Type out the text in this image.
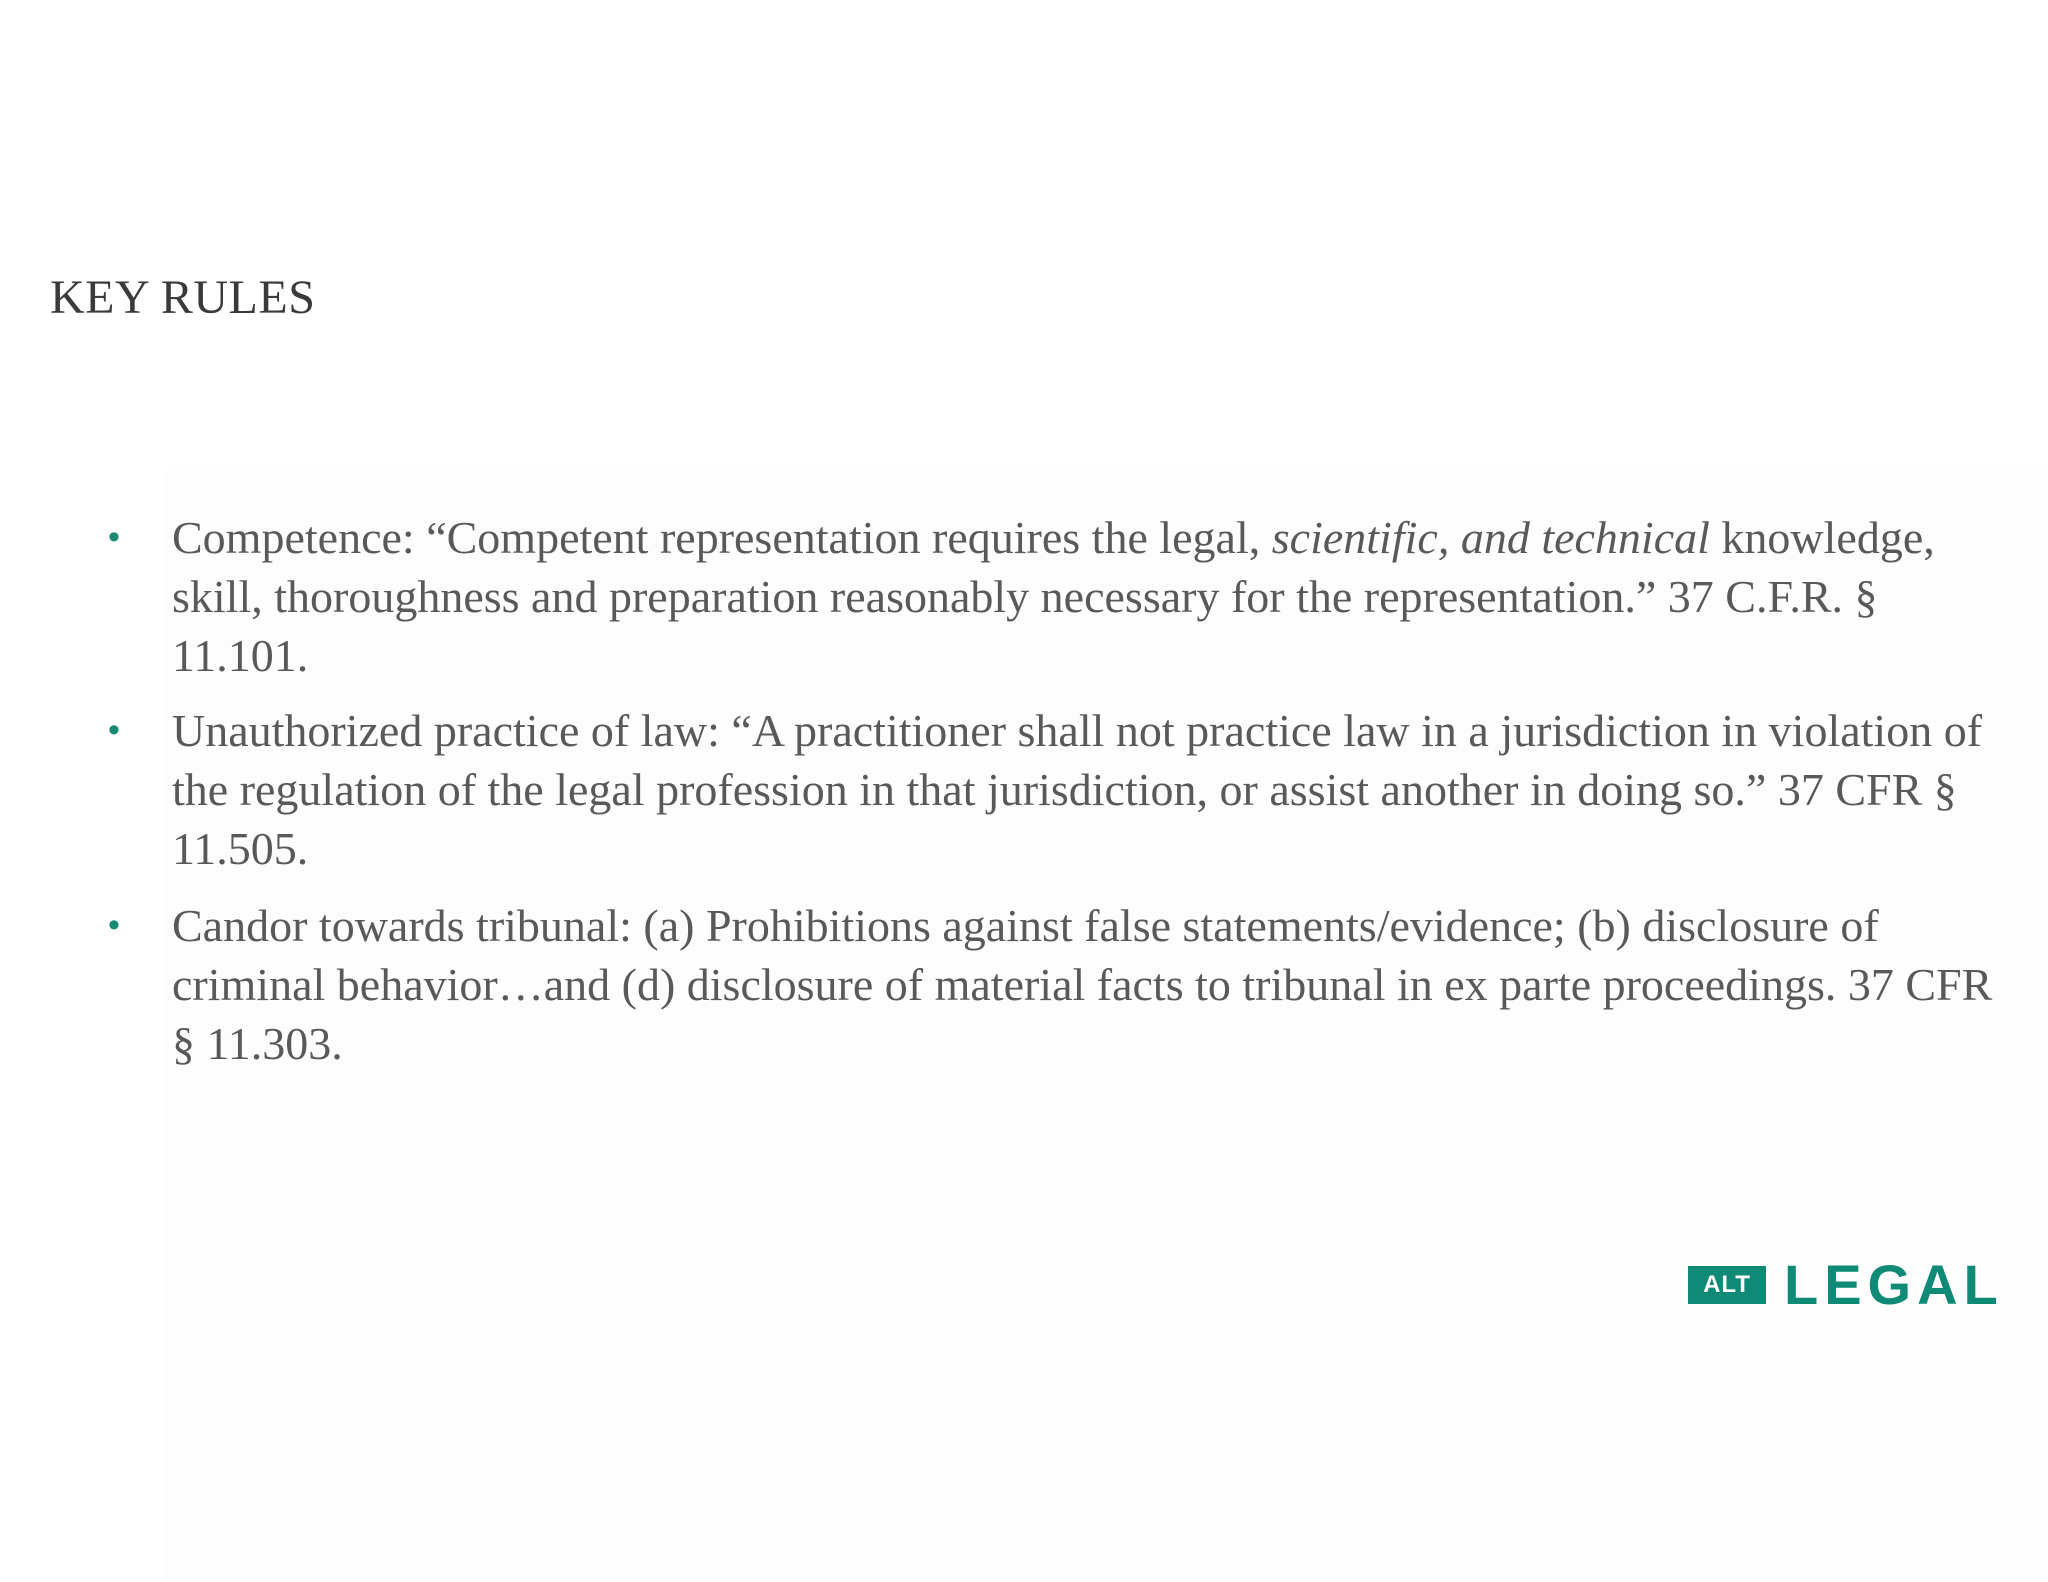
KEY RULES
•	Competence: “Competent representation requires the legal, scientific, and technical knowledge, skill, thoroughness and preparation reasonably necessary for the representation.” 37 C.F.R. § 11.101.
•	Unauthorized practice of law: “A practitioner shall not practice law in a jurisdiction in violation of the regulation of the legal profession in that jurisdiction, or assist another in doing so.” 37 CFR § 11.505.
•	Candor towards tribunal: (a) Prohibitions against false statements/evidence; (b) disclosure of criminal behavior…and (d) disclosure of material facts to tribunal in ex parte proceedings. 37 CFR § 11.303.
ALT LEGAL
